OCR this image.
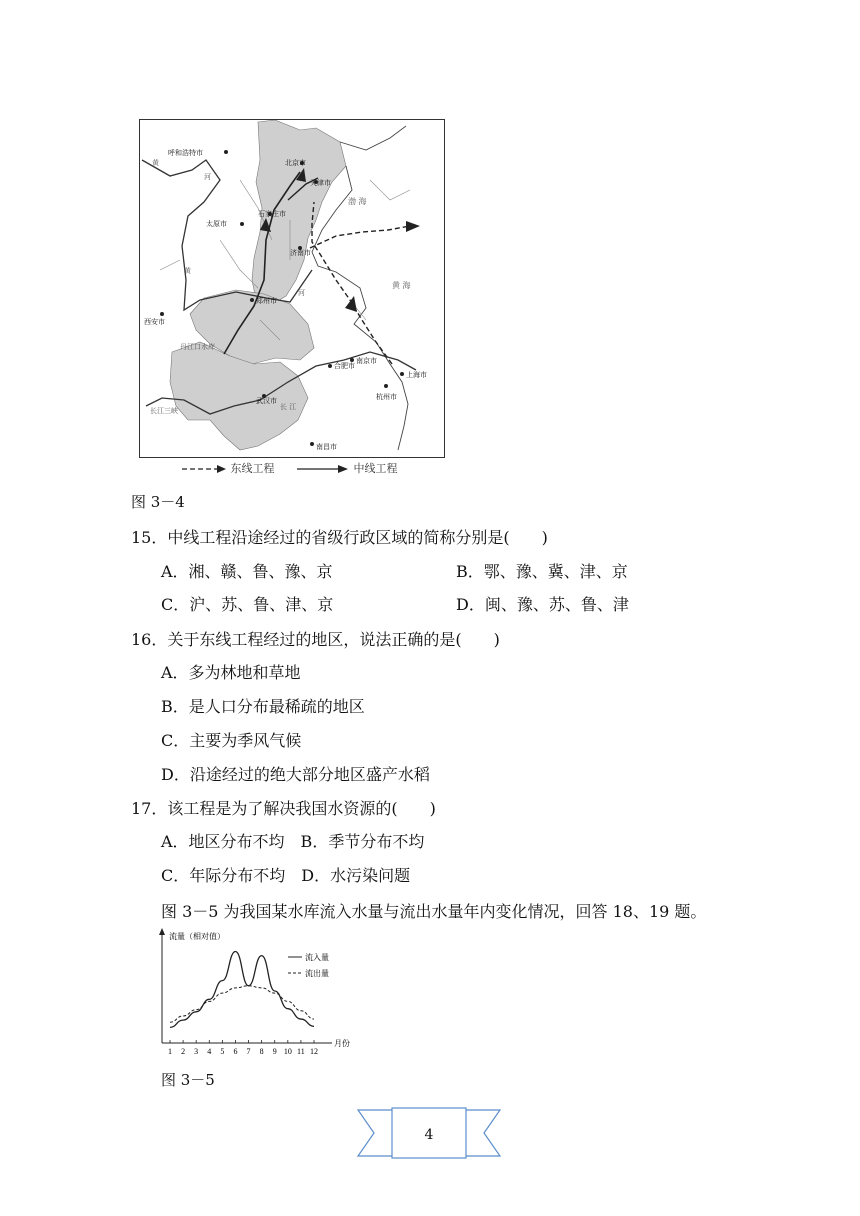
呼和浩特市
北京市
天津市
石家庄市
太原市
济南市
郑州市
西安市
丹江口水库
合肥市
南京市
上海市
杭州市
武汉市
南昌市
长江三峡
渤 海
黄 海
黄
河
黄
河
长 江
东线工程	中线工程
图 3－4
15．中线工程沿途经过的省级行政区域的简称分别是(　　)
A．湘、赣、鲁、豫、京	B．鄂、豫、冀、津、京
C．沪、苏、鲁、津、京	D．闽、豫、苏、鲁、津
16．关于东线工程经过的地区，说法正确的是(　　)
A．多为林地和草地
B．是人口分布最稀疏的地区
C．主要为季风气候
D．沿途经过的绝大部分地区盛产水稻
17．该工程是为了解决我国水资源的(　　)
A．地区分布不均　B．季节分布不均
C．年际分布不均　D．水污染问题
图 3－5 为我国某水库流入水量与流出水量年内变化情况，回答 18、19 题。
1 2 3 4 5 6 7 8 9 10 11 12
月份
流量（相对值）
流入量
流出量
图 3－5
4
